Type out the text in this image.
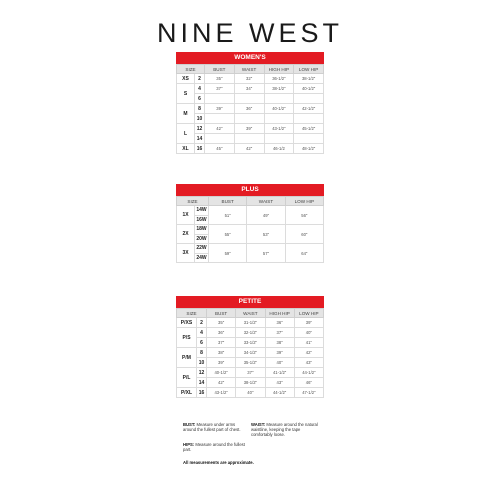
NINE WEST
WOMEN'S
SIZE		BUST	WAIST	HIGH HIP	LOW HIP
XS	2	35"	32"	36-1/2"	38-1/2"
S	4	37"	34"	38-1/2"	40-1/2"
	6				
M	8	39"	36"	40-1/2"	42-1/2"
	10				
L	12	42"	39"	43-1/2"	45-1/2"
	14				
XL	16	45"	42"	46-1/2	48-1/2"
PLUS
SIZE		BUST	WAIST	LOW HIP
1X	14W	51"	49"	56"
	16W			
2X	18W	55"	53"	60"
	20W			
3X	22W	59"	57"	64"
	24W			
PETITE
SIZE		BUST	WAIST	HIGH HIP	LOW HIP
P/XS	2	35"	31-1/2"	36"	39"
P/S	4	36"	32-1/2"	37"	40"
	6	37"	33-1/2"	38"	41"
P/M	8	38"	34-1/2"	39"	42"
	10	39"	35-1/2"	40"	43"
P/L	12	40-1/2"	37"	41-1/2"	44-1/2"
	14	42"	38-1/2"	43"	46"
P/XL	16	43-1/2"	40"	44-1/2"	47-1/2"
BUST: Measure under arms around the fullest part of chest.
WAIST: Measure around the natural waistline, keeping the tape comfortably loose.
HIPS: Measure around the fullest part.
All measurements are approximate.
